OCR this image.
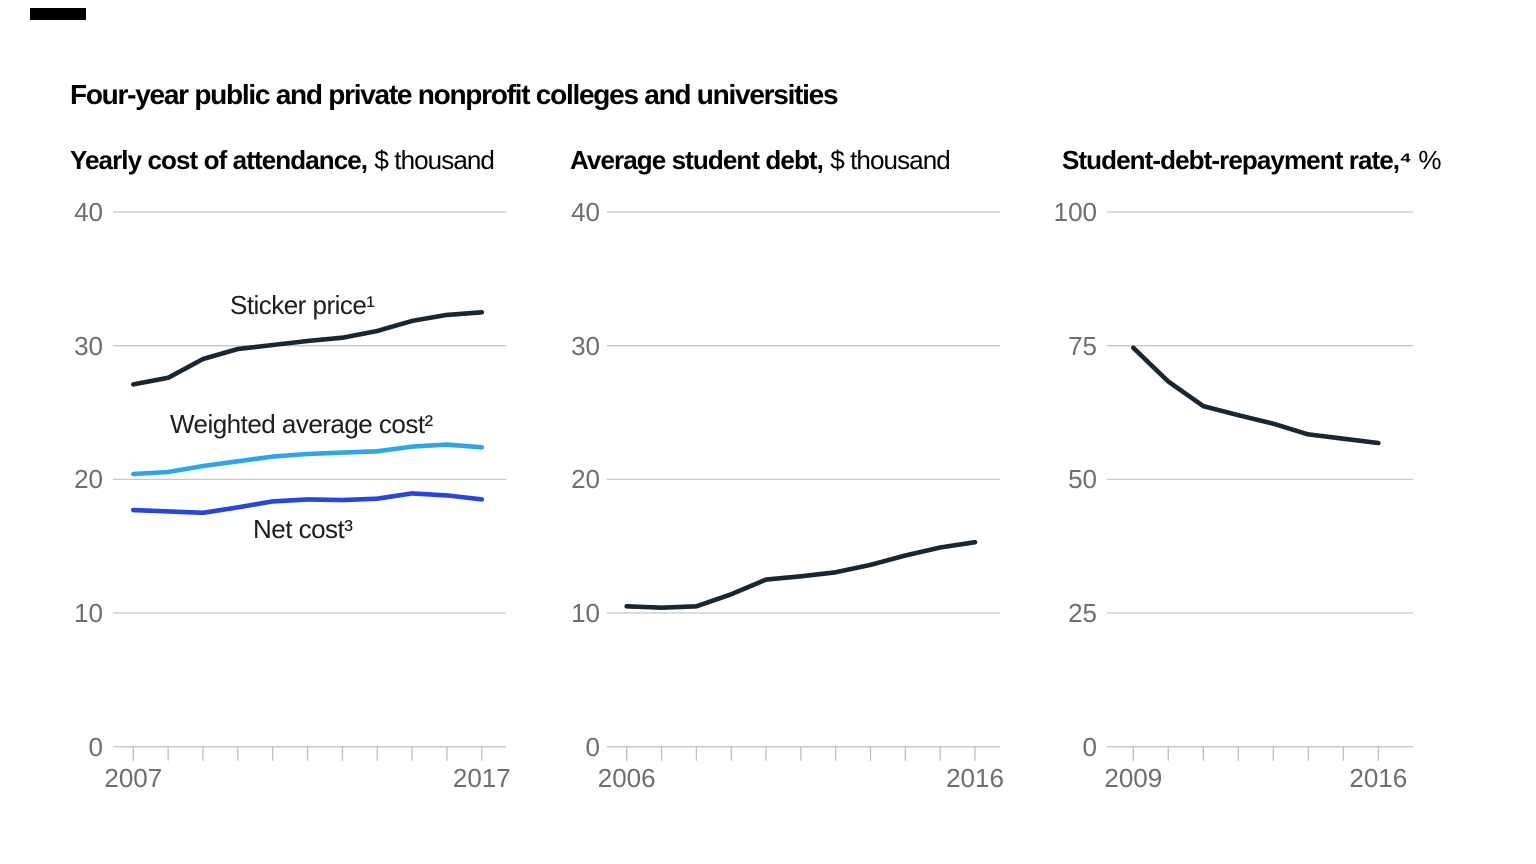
Four-year public and private nonprofit colleges and universities
Yearly cost of attendance, $ thousand	Average student debt, $ thousand	Student-debt-repayment rate,⁴ %
Sticker price¹
Weighted average cost²
Net cost³
40
30
20
10
0
2007	2017
40
30
20
10
0
2006	2016
100
75
50
25
0
2009	2016
